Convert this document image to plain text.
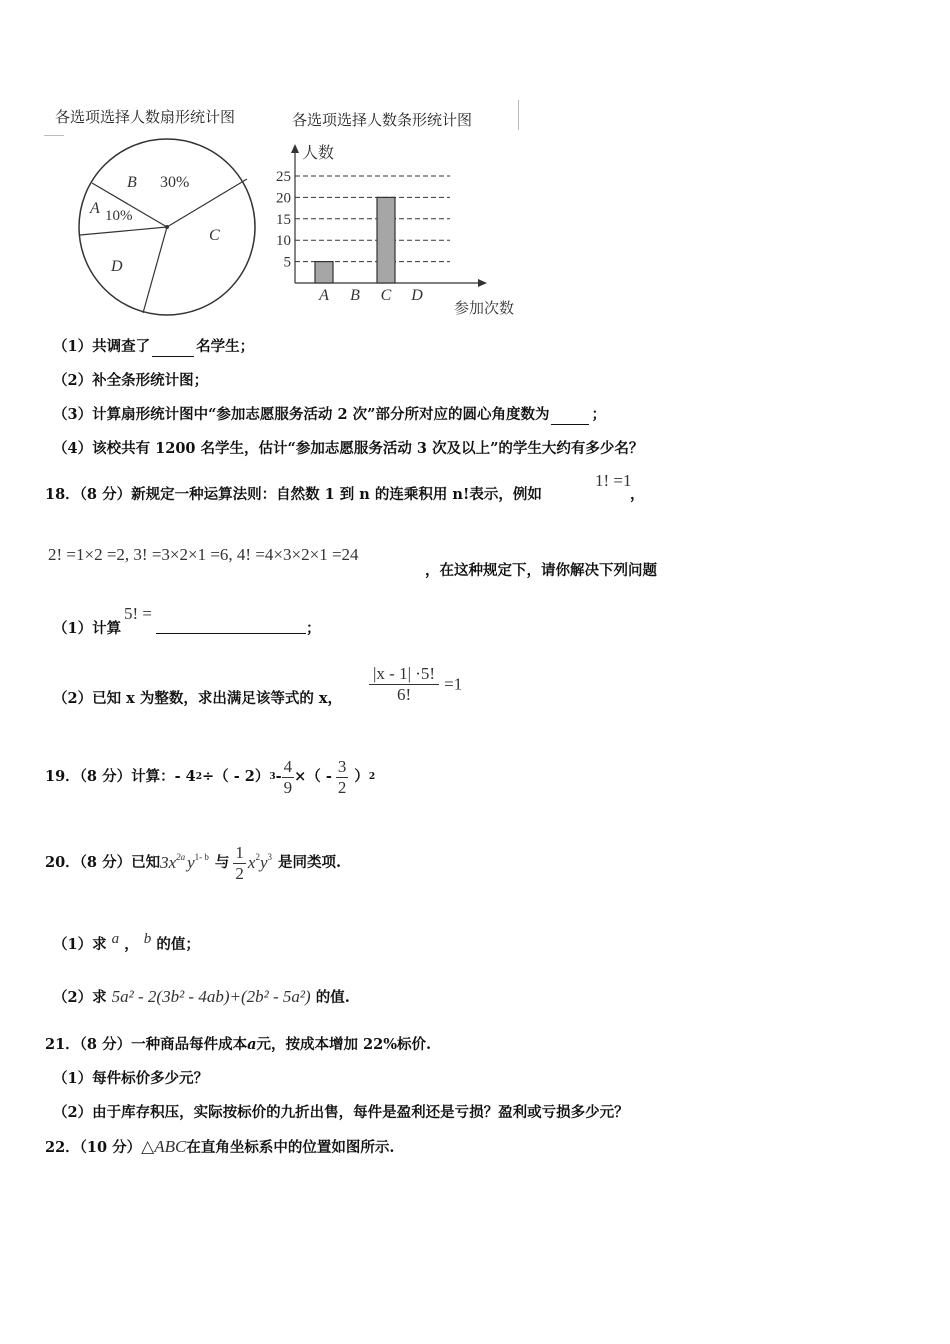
各选项选择人数扇形统计图	各选项选择人数条形统计图
B 30%
A 10%
C
D	5
10
15
20
25
人数
参加次数
A B C D
（1）共调查了	名学生；
（2）补全条形统计图；
（3）计算扇形统计图中“参加志愿服务活动 2 次”部分所对应的圆心角度数为	；
（4）该校共有 1200 名学生，估计“参加志愿服务活动 3 次及以上”的学生大约有多少名？
18．（8 分）新规定一种运算法则：自然数 1 到 n 的连乘积用 n!表示，例如
1! =1
，
2! =1×2 =2, 3! =3×2×1 =6, 4! =4×3×2×1 =24
，在这种规定下，请你解决下列问题
（1）计算
5! =
；
（2）已知 x 为整数，求出满足该等式的 x， $\frac{|x - 1| \cdot 5!}{6!} =1$
19．（8 分）计算： - 4 2 ÷（ - 2） $3 - \frac{4}{9}$ ×（ - $\frac{3}{2}$ ） 2
20．（8 分）已知 $3x^{2a}$ $y^{1- b}$ 与 $\frac{1}{2} x^2$ $y^3$ 是同类项.
（1）求 $^a$ ， $^b$ 的值；
（2）求 5a² - 2(3b² - 4ab)+(2b² - 5a²) 的值.
21．（8 分）一种商品每件成本a元，按成本增加 22%标价.
（1）每件标价多少元？
（2）由于库存积压，实际按标价的九折出售，每件是盈利还是亏损？盈利或亏损多少元？
22．（10 分）△ABC在直角坐标系中的位置如图所示.
